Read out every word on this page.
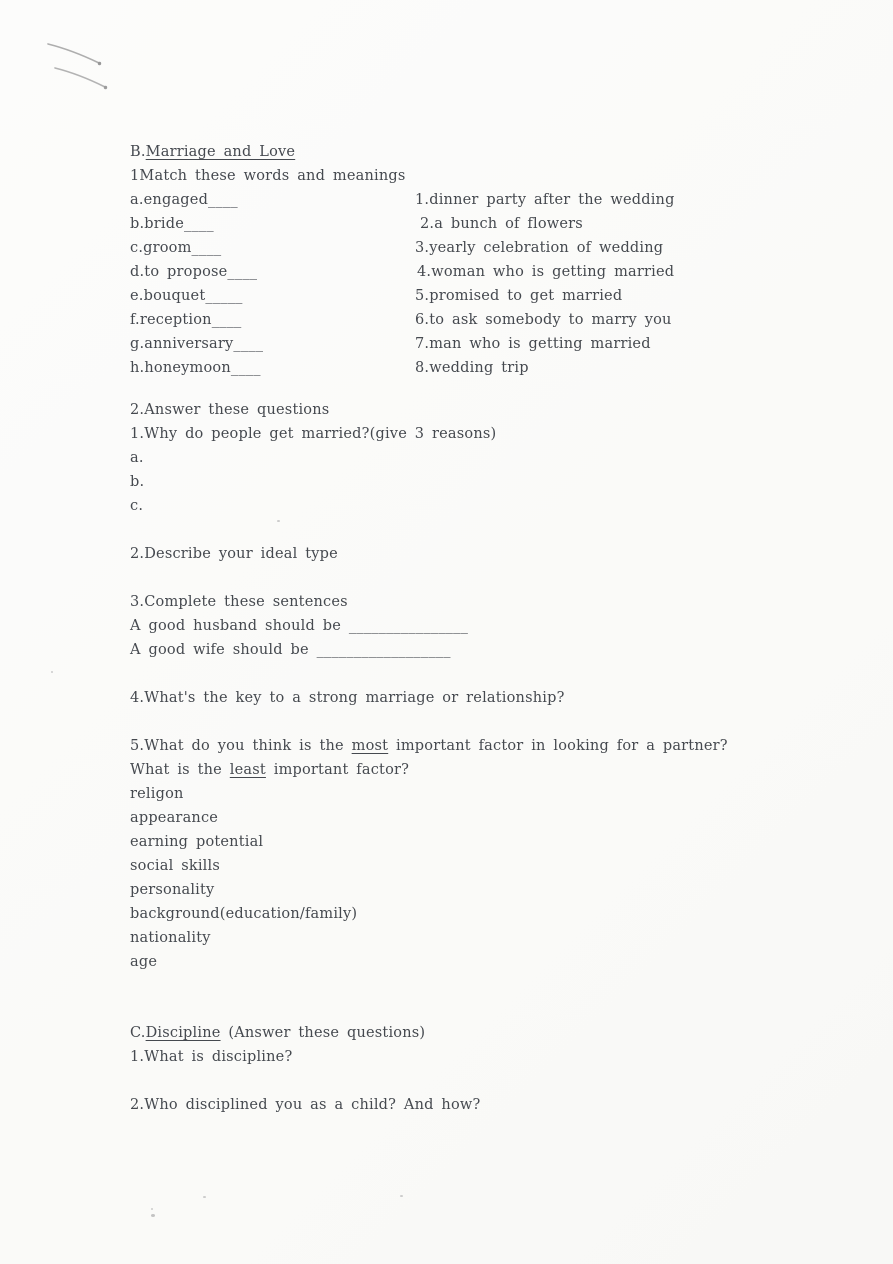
B.Marriage and Love
1Match these words and meanings
a.engaged____	1.dinner party after the wedding
b.bride____	2.a bunch of flowers
c.groom____	3.yearly celebration of wedding
d.to propose____	4.woman who is getting married
e.bouquet_____	5.promised to get married
f.reception____	6.to ask somebody to marry you
g.anniversary____	7.man who is getting married
h.honeymoon____	8.wedding trip
2.Answer these questions
1.Why do people get married?(give 3 reasons)
a.
b.
c.
2.Describe your ideal type
3.Complete these sentences
A good husband should be ________________
A good wife should be __________________
4.What's the key to a strong marriage or relationship?
5.What do you think is the most important factor in looking for a partner?
What is the least important factor?
religon
appearance
earning potential
social skills
personality
background(education/family)
nationality
age
C.Discipline (Answer these questions)
1.What is discipline?
2.Who disciplined you as a child? And how?
